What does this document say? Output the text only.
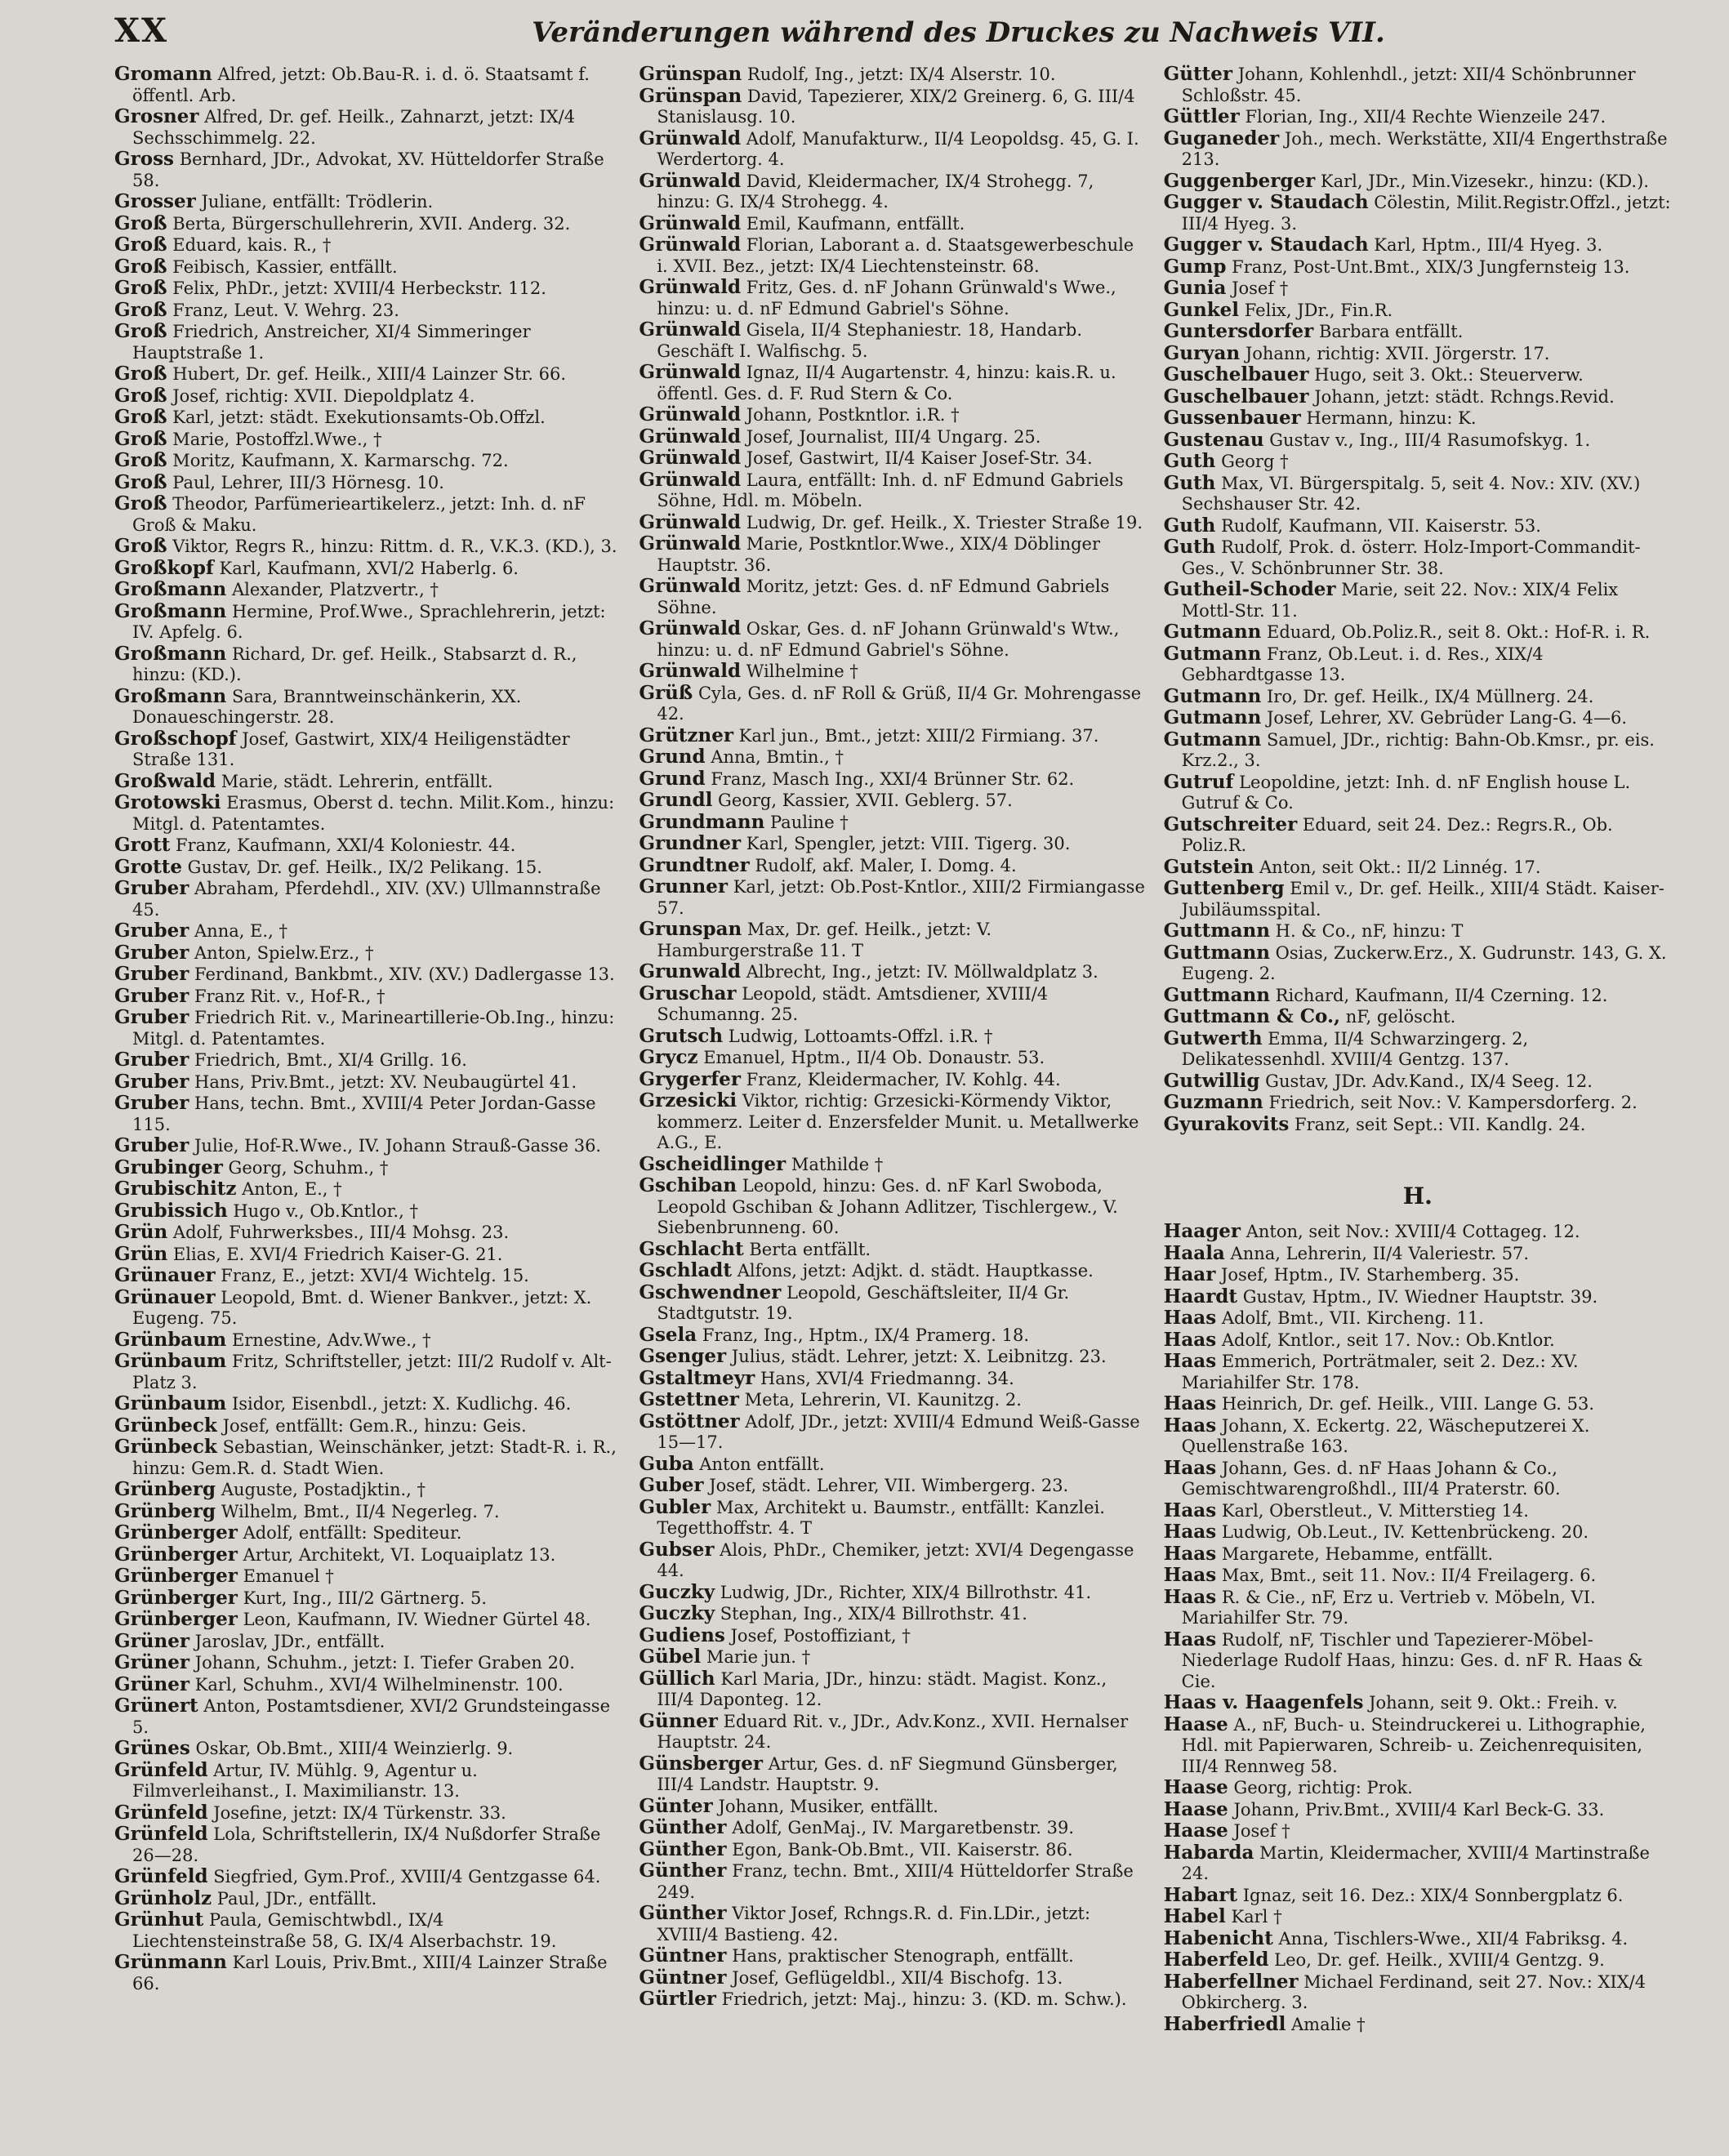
XX	Veränderungen während des Druckes zu Nachweis VII.

Gromann Alfred, jetzt: Ob.Bau-R. i. d. ö. Staatsamt f. öffentl. Arb.

Grosner Alfred, Dr. gef. Heilk., Zahnarzt, jetzt: IX/4 Sechsschimmelg. 22.

Gross Bernhard, JDr., Advokat, XV. Hütteldorfer Straße 58.

Grosser Juliane, entfällt: Trödlerin.

Groß Berta, Bürgerschullehrerin, XVII. Anderg. 32.

Groß Eduard, kais. R., †

Groß Feibisch, Kassier, entfällt.

Groß Felix, PhDr., jetzt: XVIII/4 Herbeckstr. 112.

Groß Franz, Leut. V. Wehrg. 23.

Groß Friedrich, Anstreicher, XI/4 Simmeringer Hauptstraße 1.

Groß Hubert, Dr. gef. Heilk., XIII/4 Lainzer Str. 66.

Groß Josef, richtig: XVII. Diepoldplatz 4.

Groß Karl, jetzt: städt. Exekutionsamts-Ob.Offzl.

Groß Marie, Postoffzl.Wwe., †

Groß Moritz, Kaufmann, X. Karmarschg. 72.

Groß Paul, Lehrer, III/3 Hörnesg. 10.

Groß Theodor, Parfümerieartikelerz., jetzt: Inh. d. nF Groß & Maku.

Groß Viktor, Regrs R., hinzu: Rittm. d. R., V.K.3. (KD.), 3.

Großkopf Karl, Kaufmann, XVI/2 Haberlg. 6.

Großmann Alexander, Platzvertr., †

Großmann Hermine, Prof.Wwe., Sprachlehrerin, jetzt: IV. Apfelg. 6.

Großmann Richard, Dr. gef. Heilk., Stabsarzt d. R., hinzu: (KD.).

Großmann Sara, Branntweinschänkerin, XX. Donaueschingerstr. 28.

Großschopf Josef, Gastwirt, XIX/4 Heiligenstädter Straße 131.

Großwald Marie, städt. Lehrerin, entfällt.

Grotowski Erasmus, Oberst d. techn. Milit.Kom., hinzu: Mitgl. d. Patentamtes.

Grott Franz, Kaufmann, XXI/4 Koloniestr. 44.

Grotte Gustav, Dr. gef. Heilk., IX/2 Pelikang. 15.

Gruber Abraham, Pferdehdl., XIV. (XV.) Ullmannstraße 45.

Gruber Anna, E., †

Gruber Anton, Spielw.Erz., †

Gruber Ferdinand, Bankbmt., XIV. (XV.) Dadlergasse 13.

Gruber Franz Rit. v., Hof-R., †

Gruber Friedrich Rit. v., Marineartillerie-Ob.Ing., hinzu: Mitgl. d. Patentamtes.

Gruber Friedrich, Bmt., XI/4 Grillg. 16.

Gruber Hans, Priv.Bmt., jetzt: XV. Neubaugürtel 41.

Gruber Hans, techn. Bmt., XVIII/4 Peter Jordan-Gasse 115.

Gruber Julie, Hof-R.Wwe., IV. Johann Strauß-Gasse 36.

Grubinger Georg, Schuhm., †

Grubischitz Anton, E., †

Grubissich Hugo v., Ob.Kntlor., †

Grün Adolf, Fuhrwerksbes., III/4 Mohsg. 23.

Grün Elias, E. XVI/4 Friedrich Kaiser-G. 21.

Grünauer Franz, E., jetzt: XVI/4 Wichtelg. 15.

Grünauer Leopold, Bmt. d. Wiener Bankver., jetzt: X. Eugeng. 75.

Grünbaum Ernestine, Adv.Wwe., †

Grünbaum Fritz, Schriftsteller, jetzt: III/2 Rudolf v. Alt-Platz 3.

Grünbaum Isidor, Eisenbdl., jetzt: X. Kudlichg. 46.

Grünbeck Josef, entfällt: Gem.R., hinzu: Geis.

Grünbeck Sebastian, Weinschänker, jetzt: Stadt-R. i. R., hinzu: Gem.R. d. Stadt Wien.

Grünberg Auguste, Postadjktin., †

Grünberg Wilhelm, Bmt., II/4 Negerleg. 7.

Grünberger Adolf, entfällt: Spediteur.

Grünberger Artur, Architekt, VI. Loquaiplatz 13.

Grünberger Emanuel †

Grünberger Kurt, Ing., III/2 Gärtnerg. 5.

Grünberger Leon, Kaufmann, IV. Wiedner Gürtel 48.

Grüner Jaroslav, JDr., entfällt.

Grüner Johann, Schuhm., jetzt: I. Tiefer Graben 20.

Grüner Karl, Schuhm., XVI/4 Wilhelminenstr. 100.

Grünert Anton, Postamtsdiener, XVI/2 Grundsteingasse 5.

Grünes Oskar, Ob.Bmt., XIII/4 Weinzierlg. 9.

Grünfeld Artur, IV. Mühlg. 9, Agentur u. Filmverleihanst., I. Maximilianstr. 13.

Grünfeld Josefine, jetzt: IX/4 Türkenstr. 33.

Grünfeld Lola, Schriftstellerin, IX/4 Nußdorfer Straße 26—28.

Grünfeld Siegfried, Gym.Prof., XVIII/4 Gentzgasse 64.

Grünholz Paul, JDr., entfällt.

Grünhut Paula, Gemischtwbdl., IX/4 Liechtensteinstraße 58, G. IX/4 Alserbachstr. 19.

Grünmann Karl Louis, Priv.Bmt., XIII/4 Lainzer Straße 66.

Grünspan Rudolf, Ing., jetzt: IX/4 Alserstr. 10.

Grünspan David, Tapezierer, XIX/2 Greinerg. 6, G. III/4 Stanislausg. 10.

Grünwald Adolf, Manufakturw., II/4 Leopoldsg. 45, G. I. Werdertorg. 4.

Grünwald David, Kleidermacher, IX/4 Strohegg. 7, hinzu: G. IX/4 Strohegg. 4.

Grünwald Emil, Kaufmann, entfällt.

Grünwald Florian, Laborant a. d. Staatsgewerbeschule i. XVII. Bez., jetzt: IX/4 Liechtensteinstr. 68.

Grünwald Fritz, Ges. d. nF Johann Grünwald's Wwe., hinzu: u. d. nF Edmund Gabriel's Söhne.

Grünwald Gisela, II/4 Stephaniestr. 18, Handarb. Geschäft I. Walfischg. 5.

Grünwald Ignaz, II/4 Augartenstr. 4, hinzu: kais.R. u. öffentl. Ges. d. F. Rud Stern & Co.

Grünwald Johann, Postkntlor. i.R. †

Grünwald Josef, Journalist, III/4 Ungarg. 25.

Grünwald Josef, Gastwirt, II/4 Kaiser Josef-Str. 34.

Grünwald Laura, entfällt: Inh. d. nF Edmund Gabriels Söhne, Hdl. m. Möbeln.

Grünwald Ludwig, Dr. gef. Heilk., X. Triester Straße 19.

Grünwald Marie, Postkntlor.Wwe., XIX/4 Döblinger Hauptstr. 36.

Grünwald Moritz, jetzt: Ges. d. nF Edmund Gabriels Söhne.

Grünwald Oskar, Ges. d. nF Johann Grünwald's Wtw., hinzu: u. d. nF Edmund Gabriel's Söhne.

Grünwald Wilhelmine †

Grüß Cyla, Ges. d. nF Roll & Grüß, II/4 Gr. Mohrengasse 42.

Grützner Karl jun., Bmt., jetzt: XIII/2 Firmiang. 37.

Grund Anna, Bmtin., †

Grund Franz, Masch Ing., XXI/4 Brünner Str. 62.

Grundl Georg, Kassier, XVII. Geblerg. 57.

Grundmann Pauline †

Grundner Karl, Spengler, jetzt: VIII. Tigerg. 30.

Grundtner Rudolf, akf. Maler, I. Domg. 4.

Grunner Karl, jetzt: Ob.Post-Kntlor., XIII/2 Firmiangasse 57.

Grunspan Max, Dr. gef. Heilk., jetzt: V. Hamburgerstraße 11. T

Grunwald Albrecht, Ing., jetzt: IV. Möllwaldplatz 3.

Gruschar Leopold, städt. Amtsdiener, XVIII/4 Schumanng. 25.

Grutsch Ludwig, Lottoamts-Offzl. i.R. †

Grycz Emanuel, Hptm., II/4 Ob. Donaustr. 53.

Grygerfer Franz, Kleidermacher, IV. Kohlg. 44.

Grzesicki Viktor, richtig: Grzesicki-Körmendy Viktor, kommerz. Leiter d. Enzersfelder Munit. u. Metallwerke A.G., E.

Gscheidlinger Mathilde †

Gschiban Leopold, hinzu: Ges. d. nF Karl Swoboda, Leopold Gschiban & Johann Adlitzer, Tischlergew., V. Siebenbrunneng. 60.

Gschlacht Berta entfällt.

Gschladt Alfons, jetzt: Adjkt. d. städt. Hauptkasse.

Gschwendner Leopold, Geschäftsleiter, II/4 Gr. Stadtgutstr. 19.

Gsela Franz, Ing., Hptm., IX/4 Pramerg. 18.

Gsenger Julius, städt. Lehrer, jetzt: X. Leibnitzg. 23.

Gstaltmeyr Hans, XVI/4 Friedmanng. 34.

Gstettner Meta, Lehrerin, VI. Kaunitzg. 2.

Gstöttner Adolf, JDr., jetzt: XVIII/4 Edmund Weiß-Gasse 15—17.

Guba Anton entfällt.

Guber Josef, städt. Lehrer, VII. Wimbergerg. 23.

Gubler Max, Architekt u. Baumstr., entfällt: Kanzlei. Tegetthoffstr. 4. T

Gubser Alois, PhDr., Chemiker, jetzt: XVI/4 Degengasse 44.

Guczky Ludwig, JDr., Richter, XIX/4 Billrothstr. 41.

Guczky Stephan, Ing., XIX/4 Billrothstr. 41.

Gudiens Josef, Postoffiziant, †

Gübel Marie jun. †

Güllich Karl Maria, JDr., hinzu: städt. Magist. Konz., III/4 Daponteg. 12.

Günner Eduard Rit. v., JDr., Adv.Konz., XVII. Hernalser Hauptstr. 24.

Günsberger Artur, Ges. d. nF Siegmund Günsberger, III/4 Landstr. Hauptstr. 9.

Günter Johann, Musiker, entfällt.

Günther Adolf, GenMaj., IV. Margaretbenstr. 39.

Günther Egon, Bank-Ob.Bmt., VII. Kaiserstr. 86.

Günther Franz, techn. Bmt., XIII/4 Hütteldorfer Straße 249.

Günther Viktor Josef, Rchngs.R. d. Fin.LDir., jetzt: XVIII/4 Bastieng. 42.

Güntner Hans, praktischer Stenograph, entfällt.

Güntner Josef, Geflügeldbl., XII/4 Bischofg. 13.

Gürtler Friedrich, jetzt: Maj., hinzu: 3. (KD. m. Schw.).

Gütter Johann, Kohlenhdl., jetzt: XII/4 Schönbrunner Schloßstr. 45.

Güttler Florian, Ing., XII/4 Rechte Wienzeile 247.

Guganeder Joh., mech. Werkstätte, XII/4 Engerthstraße 213.

Guggenberger Karl, JDr., Min.Vizesekr., hinzu: (KD.).

Gugger v. Staudach Cölestin, Milit.Registr.Offzl., jetzt: III/4 Hyeg. 3.

Gugger v. Staudach Karl, Hptm., III/4 Hyeg. 3.

Gump Franz, Post-Unt.Bmt., XIX/3 Jungfernsteig 13.

Gunia Josef †

Gunkel Felix, JDr., Fin.R.

Guntersdorfer Barbara entfällt.

Guryan Johann, richtig: XVII. Jörgerstr. 17.

Guschelbauer Hugo, seit 3. Okt.: Steuerverw.

Guschelbauer Johann, jetzt: städt. Rchngs.Revid.

Gussenbauer Hermann, hinzu: K.

Gustenau Gustav v., Ing., III/4 Rasumofskyg. 1.

Guth Georg †

Guth Max, VI. Bürgerspitalg. 5, seit 4. Nov.: XIV. (XV.) Sechshauser Str. 42.

Guth Rudolf, Kaufmann, VII. Kaiserstr. 53.

Guth Rudolf, Prok. d. österr. Holz-Import-Commandit-Ges., V. Schönbrunner Str. 38.

Gutheil-Schoder Marie, seit 22. Nov.: XIX/4 Felix Mottl-Str. 11.

Gutmann Eduard, Ob.Poliz.R., seit 8. Okt.: Hof-R. i. R.

Gutmann Franz, Ob.Leut. i. d. Res., XIX/4 Gebhardtgasse 13.

Gutmann Iro, Dr. gef. Heilk., IX/4 Müllnerg. 24.

Gutmann Josef, Lehrer, XV. Gebrüder Lang-G. 4—6.

Gutmann Samuel, JDr., richtig: Bahn-Ob.Kmsr., pr. eis. Krz.2., 3.

Gutruf Leopoldine, jetzt: Inh. d. nF English house L. Gutruf & Co.

Gutschreiter Eduard, seit 24. Dez.: Regrs.R., Ob. Poliz.R.

Gutstein Anton, seit Okt.: II/2 Linnég. 17.

Guttenberg Emil v., Dr. gef. Heilk., XIII/4 Städt. Kaiser-Jubiläumsspital.

Guttmann H. & Co., nF, hinzu: T

Guttmann Osias, Zuckerw.Erz., X. Gudrunstr. 143, G. X. Eugeng. 2.

Guttmann Richard, Kaufmann, II/4 Czerning. 12.

Guttmann & Co., nF, gelöscht.

Gutwerth Emma, II/4 Schwarzingerg. 2, Delikatessenhdl. XVIII/4 Gentzg. 137.

Gutwillig Gustav, JDr. Adv.Kand., IX/4 Seeg. 12.

Guzmann Friedrich, seit Nov.: V. Kampersdorferg. 2.

Gyurakovits Franz, seit Sept.: VII. Kandlg. 24.

H.

Haager Anton, seit Nov.: XVIII/4 Cottageg. 12.

Haala Anna, Lehrerin, II/4 Valeriestr. 57.

Haar Josef, Hptm., IV. Starhemberg. 35.

Haardt Gustav, Hptm., IV. Wiedner Hauptstr. 39.

Haas Adolf, Bmt., VII. Kircheng. 11.

Haas Adolf, Kntlor., seit 17. Nov.: Ob.Kntlor.

Haas Emmerich, Porträtmaler, seit 2. Dez.: XV. Mariahilfer Str. 178.

Haas Heinrich, Dr. gef. Heilk., VIII. Lange G. 53.

Haas Johann, X. Eckertg. 22, Wäscheputzerei X. Quellenstraße 163.

Haas Johann, Ges. d. nF Haas Johann & Co., Gemischtwarengroßhdl., III/4 Praterstr. 60.

Haas Karl, Oberstleut., V. Mitterstieg 14.

Haas Ludwig, Ob.Leut., IV. Kettenbrückeng. 20.

Haas Margarete, Hebamme, entfällt.

Haas Max, Bmt., seit 11. Nov.: II/4 Freilagerg. 6.

Haas R. & Cie., nF, Erz u. Vertrieb v. Möbeln, VI. Mariahilfer Str. 79.

Haas Rudolf, nF, Tischler und Tapezierer-Möbel-Niederlage Rudolf Haas, hinzu: Ges. d. nF R. Haas & Cie.

Haas v. Haagenfels Johann, seit 9. Okt.: Freih. v.

Haase A., nF, Buch- u. Steindruckerei u. Lithographie, Hdl. mit Papierwaren, Schreib- u. Zeichenrequisiten, III/4 Rennweg 58.

Haase Georg, richtig: Prok.

Haase Johann, Priv.Bmt., XVIII/4 Karl Beck-G. 33.

Haase Josef †

Habarda Martin, Kleidermacher, XVIII/4 Martinstraße 24.

Habart Ignaz, seit 16. Dez.: XIX/4 Sonnbergplatz 6.

Habel Karl †

Habenicht Anna, Tischlers-Wwe., XII/4 Fabriksg. 4.

Haberfeld Leo, Dr. gef. Heilk., XVIII/4 Gentzg. 9.

Haberfellner Michael Ferdinand, seit 27. Nov.: XIX/4 Obkircherg. 3.

Haberfriedl Amalie †
